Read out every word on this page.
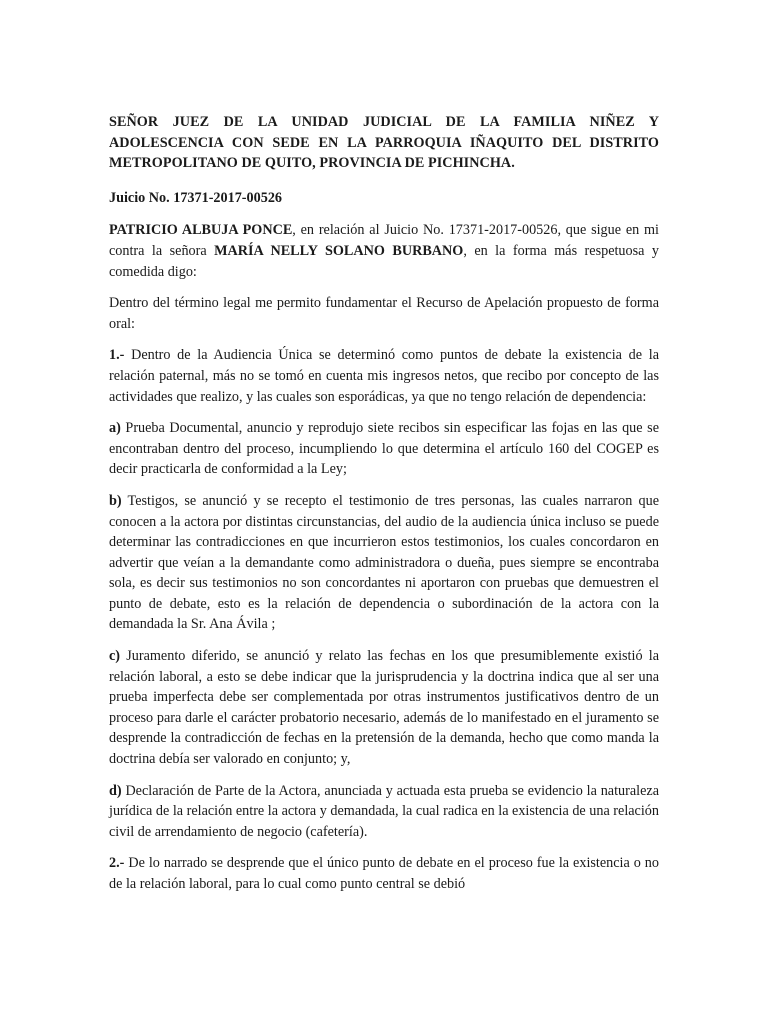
SEÑOR JUEZ DE LA UNIDAD JUDICIAL DE LA FAMILIA NIÑEZ Y ADOLESCENCIA CON SEDE EN LA PARROQUIA IÑAQUITO DEL DISTRITO METROPOLITANO DE QUITO, PROVINCIA DE PICHINCHA.
Juicio No. 17371-2017-00526

PATRICIO ALBUJA PONCE, en relación al Juicio No. 17371-2017-00526, que sigue en mi contra la señora MARÍA NELLY SOLANO BURBANO, en la forma más respetuosa y comedida digo:

Dentro del término legal me permito fundamentar el Recurso de Apelación propuesto de forma oral:

1.- Dentro de la Audiencia Única se determinó como puntos de debate la existencia de la relación paternal, más no se tomó en cuenta mis ingresos netos, que recibo por concepto de las actividades que realizo, y las cuales son esporádicas, ya que no tengo relación de dependencia:

a) Prueba Documental, anuncio y reprodujo siete recibos sin especificar las fojas en las que se encontraban dentro del proceso, incumpliendo lo que determina el artículo 160 del COGEP es decir practicarla de conformidad a la Ley;

b) Testigos, se anunció y se recepto el testimonio de tres personas, las cuales narraron que conocen a la actora por distintas circunstancias, del audio de la audiencia única incluso se puede determinar las contradicciones en que incurrieron estos testimonios, los cuales concordaron en advertir que veían a la demandante como administradora o dueña, pues siempre se encontraba sola, es decir sus testimonios no son concordantes ni aportaron con pruebas que demuestren el punto de debate, esto es la relación de dependencia o subordinación de la actora con la demandada la Sr. Ana Ávila ;

c) Juramento diferido, se anunció y relato las fechas en los que presumiblemente existió la relación laboral, a esto se debe indicar que la jurisprudencia y la doctrina indica que al ser una prueba imperfecta debe ser complementada por otras instrumentos justificativos dentro de un proceso para darle el carácter probatorio necesario, además de lo manifestado en el juramento se desprende la contradicción de fechas en la pretensión de la demanda, hecho que como manda la doctrina debía ser valorado en conjunto; y,

d) Declaración de Parte de la Actora, anunciada y actuada esta prueba se evidencio la naturaleza jurídica de la relación entre la actora y demandada, la cual radica en la existencia de una relación civil de arrendamiento de negocio (cafetería).

2.- De lo narrado se desprende que el único punto de debate en el proceso fue la existencia o no de la relación laboral, para lo cual como punto central se debió
